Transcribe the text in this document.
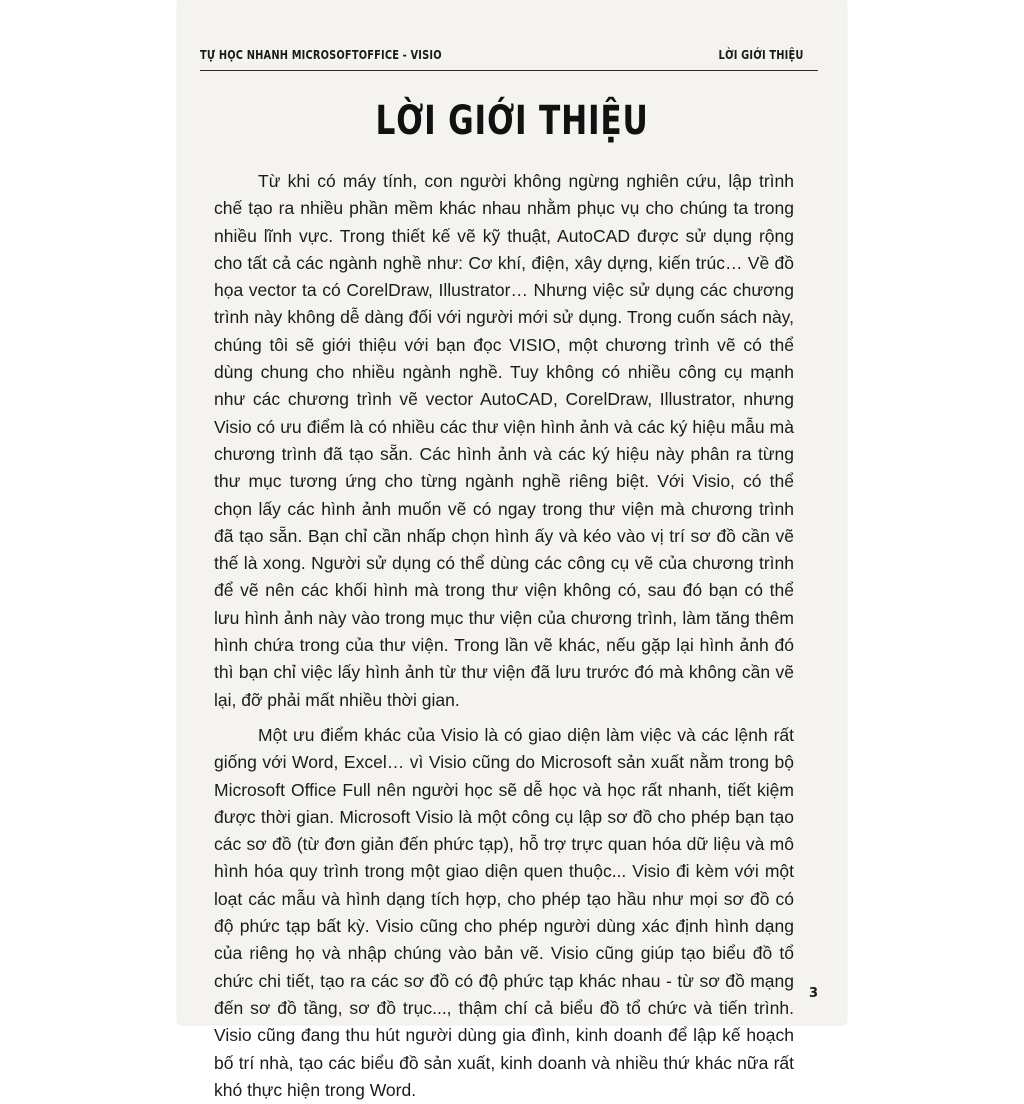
TỰ HỌC NHANH MICROSOFTOFFICE - VISIO	LỜI GIỚI THIỆU
LỜI GIỚI THIỆU

Từ khi có máy tính, con người không ngừng nghiên cứu, lập trình chế tạo ra nhiều phần mềm khác nhau nhằm phục vụ cho chúng ta trong nhiều lĩnh vực. Trong thiết kế vẽ kỹ thuật, AutoCAD được sử dụng rộng cho tất cả các ngành nghề như: Cơ khí, điện, xây dựng, kiến trúc… Về đồ họa vector ta có CorelDraw, Illustrator… Nhưng việc sử dụng các chương trình này không dễ dàng đối với người mới sử dụng. Trong cuốn sách này, chúng tôi sẽ giới thiệu với bạn đọc VISIO, một chương trình vẽ có thể dùng chung cho nhiều ngành nghề. Tuy không có nhiều công cụ mạnh như các chương trình vẽ vector AutoCAD, CorelDraw, Illustrator, nhưng Visio có ưu điểm là có nhiều các thư viện hình ảnh và các ký hiệu mẫu mà chương trình đã tạo sẵn. Các hình ảnh và các ký hiệu này phân ra từng thư mục tương ứng cho từng ngành nghề riêng biệt. Với Visio, có thể chọn lấy các hình ảnh muốn vẽ có ngay trong thư viện mà chương trình đã tạo sẵn. Bạn chỉ cần nhấp chọn hình ấy và kéo vào vị trí sơ đồ cần vẽ thế là xong. Người sử dụng có thể dùng các công cụ vẽ của chương trình để vẽ nên các khối hình mà trong thư viện không có, sau đó bạn có thể lưu hình ảnh này vào trong mục thư viện của chương trình, làm tăng thêm hình chứa trong của thư viện. Trong lần vẽ khác, nếu gặp lại hình ảnh đó thì bạn chỉ việc lấy hình ảnh từ thư viện đã lưu trước đó mà không cần vẽ lại, đỡ phải mất nhiều thời gian.

Một ưu điểm khác của Visio là có giao diện làm việc và các lệnh rất giống với Word, Excel… vì Visio cũng do Microsoft sản xuất nằm trong bộ Microsoft Office Full nên người học sẽ dễ học và học rất nhanh, tiết kiệm được thời gian. Microsoft Visio là một công cụ lập sơ đồ cho phép bạn tạo các sơ đồ (từ đơn giản đến phức tạp), hỗ trợ trực quan hóa dữ liệu và mô hình hóa quy trình trong một giao diện quen thuộc... Visio đi kèm với một loạt các mẫu và hình dạng tích hợp, cho phép tạo hầu như mọi sơ đồ có độ phức tạp bất kỳ. Visio cũng cho phép người dùng xác định hình dạng của riêng họ và nhập chúng vào bản vẽ. Visio cũng giúp tạo biểu đồ tổ chức chi tiết, tạo ra các sơ đồ có độ phức tạp khác nhau - từ sơ đồ mạng đến sơ đồ tầng, sơ đồ trục..., thậm chí cả biểu đồ tổ chức và tiến trình. Visio cũng đang thu hút người dùng gia đình, kinh doanh để lập kế hoạch bố trí nhà, tạo các biểu đồ sản xuất, kinh doanh và nhiều thứ khác nữa rất khó thực hiện trong Word.

3
